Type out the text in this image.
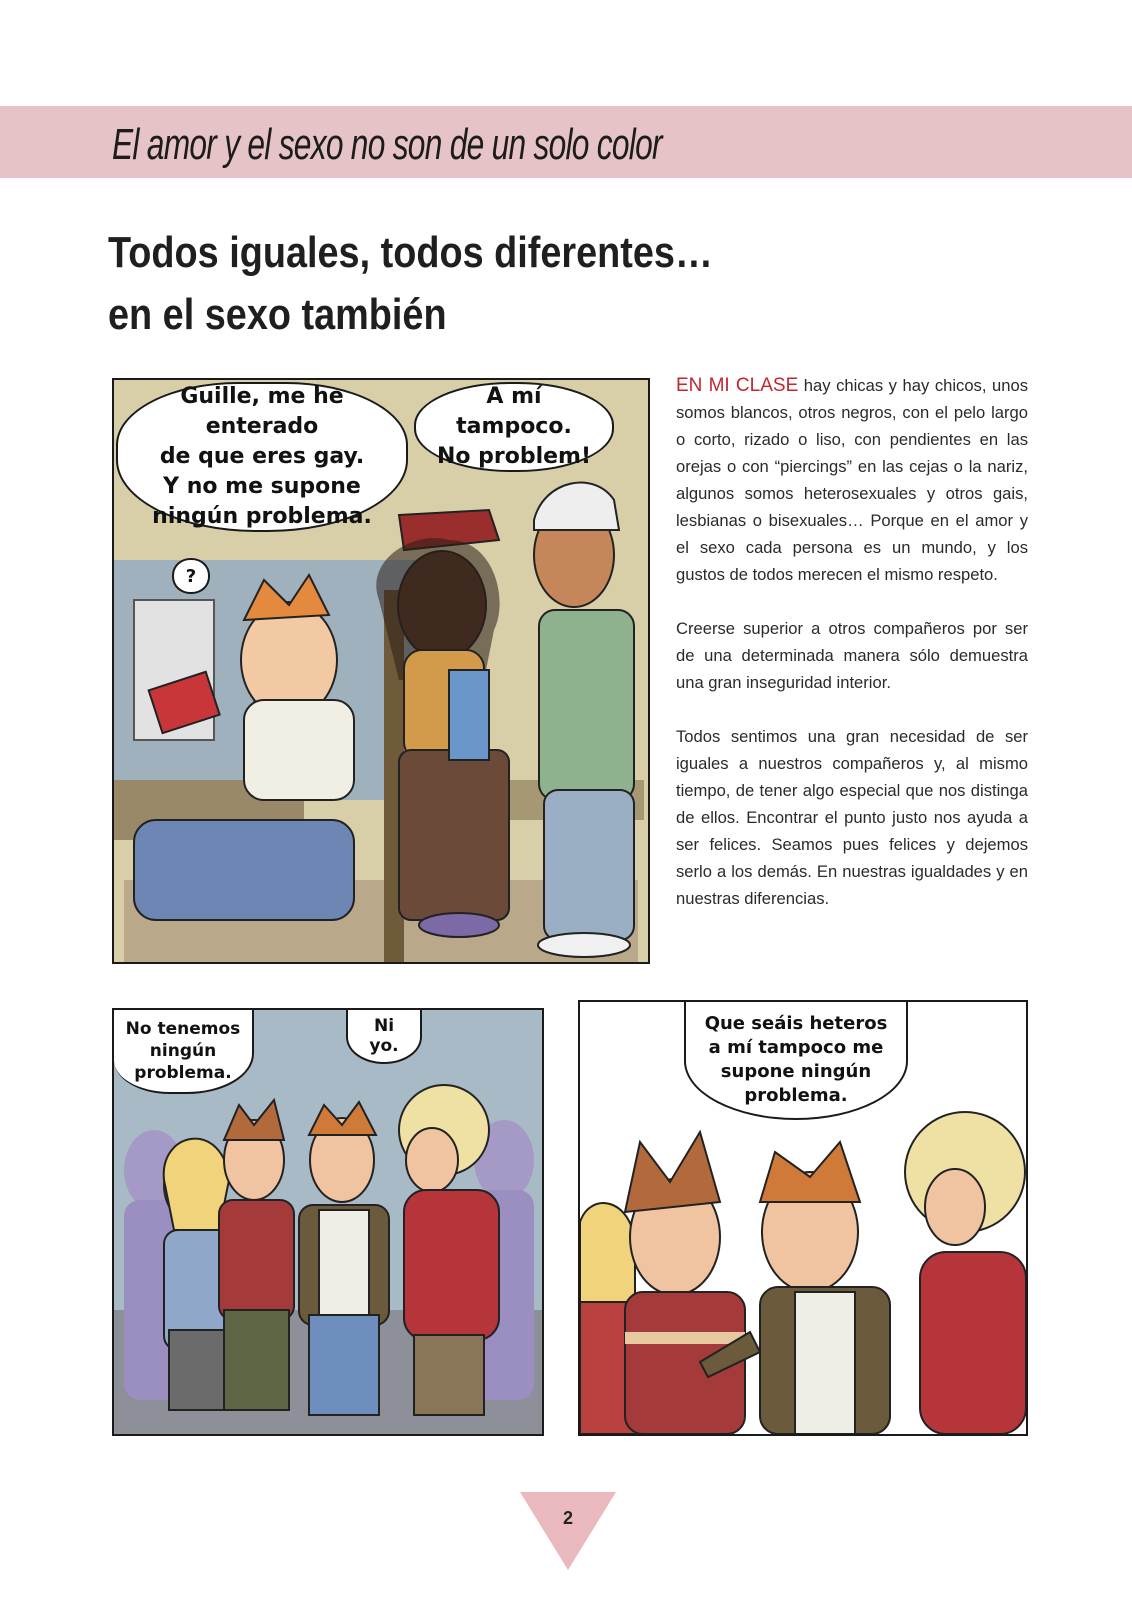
El amor y el sexo no son de un solo color
Todos iguales, todos diferentes…
en el sexo también
Guille, me he enterado
de que eres gay.
Y no me supone
ningún problema.
A mí tampoco.
No problem!
?

EN MI CLASE hay chicas y hay chicos, unos somos blancos, otros negros, con el pelo largo o corto, rizado o liso, con pendientes en las orejas o con “piercings” en las cejas o la nariz, algunos somos heterosexuales y otros gais, lesbianas o bisexuales… Porque en el amor y el sexo cada persona es un mundo, y los gustos de todos merecen el mismo respeto.

Creerse superior a otros compañeros por ser de una determinada manera sólo demuestra una gran inseguridad interior.

Todos sentimos una gran necesidad de ser iguales a nuestros compañeros y, al mismo tiempo, de tener algo especial que nos distinga de ellos. Encontrar el punto justo nos ayuda a ser felices. Seamos pues felices y dejemos serlo a los demás. En nuestras igualdades y en nuestras diferencias.

No tenemos
ningún
problema.
Ni yo.
Que seáis heteros
a mí tampoco me
supone ningún
problema.
2
